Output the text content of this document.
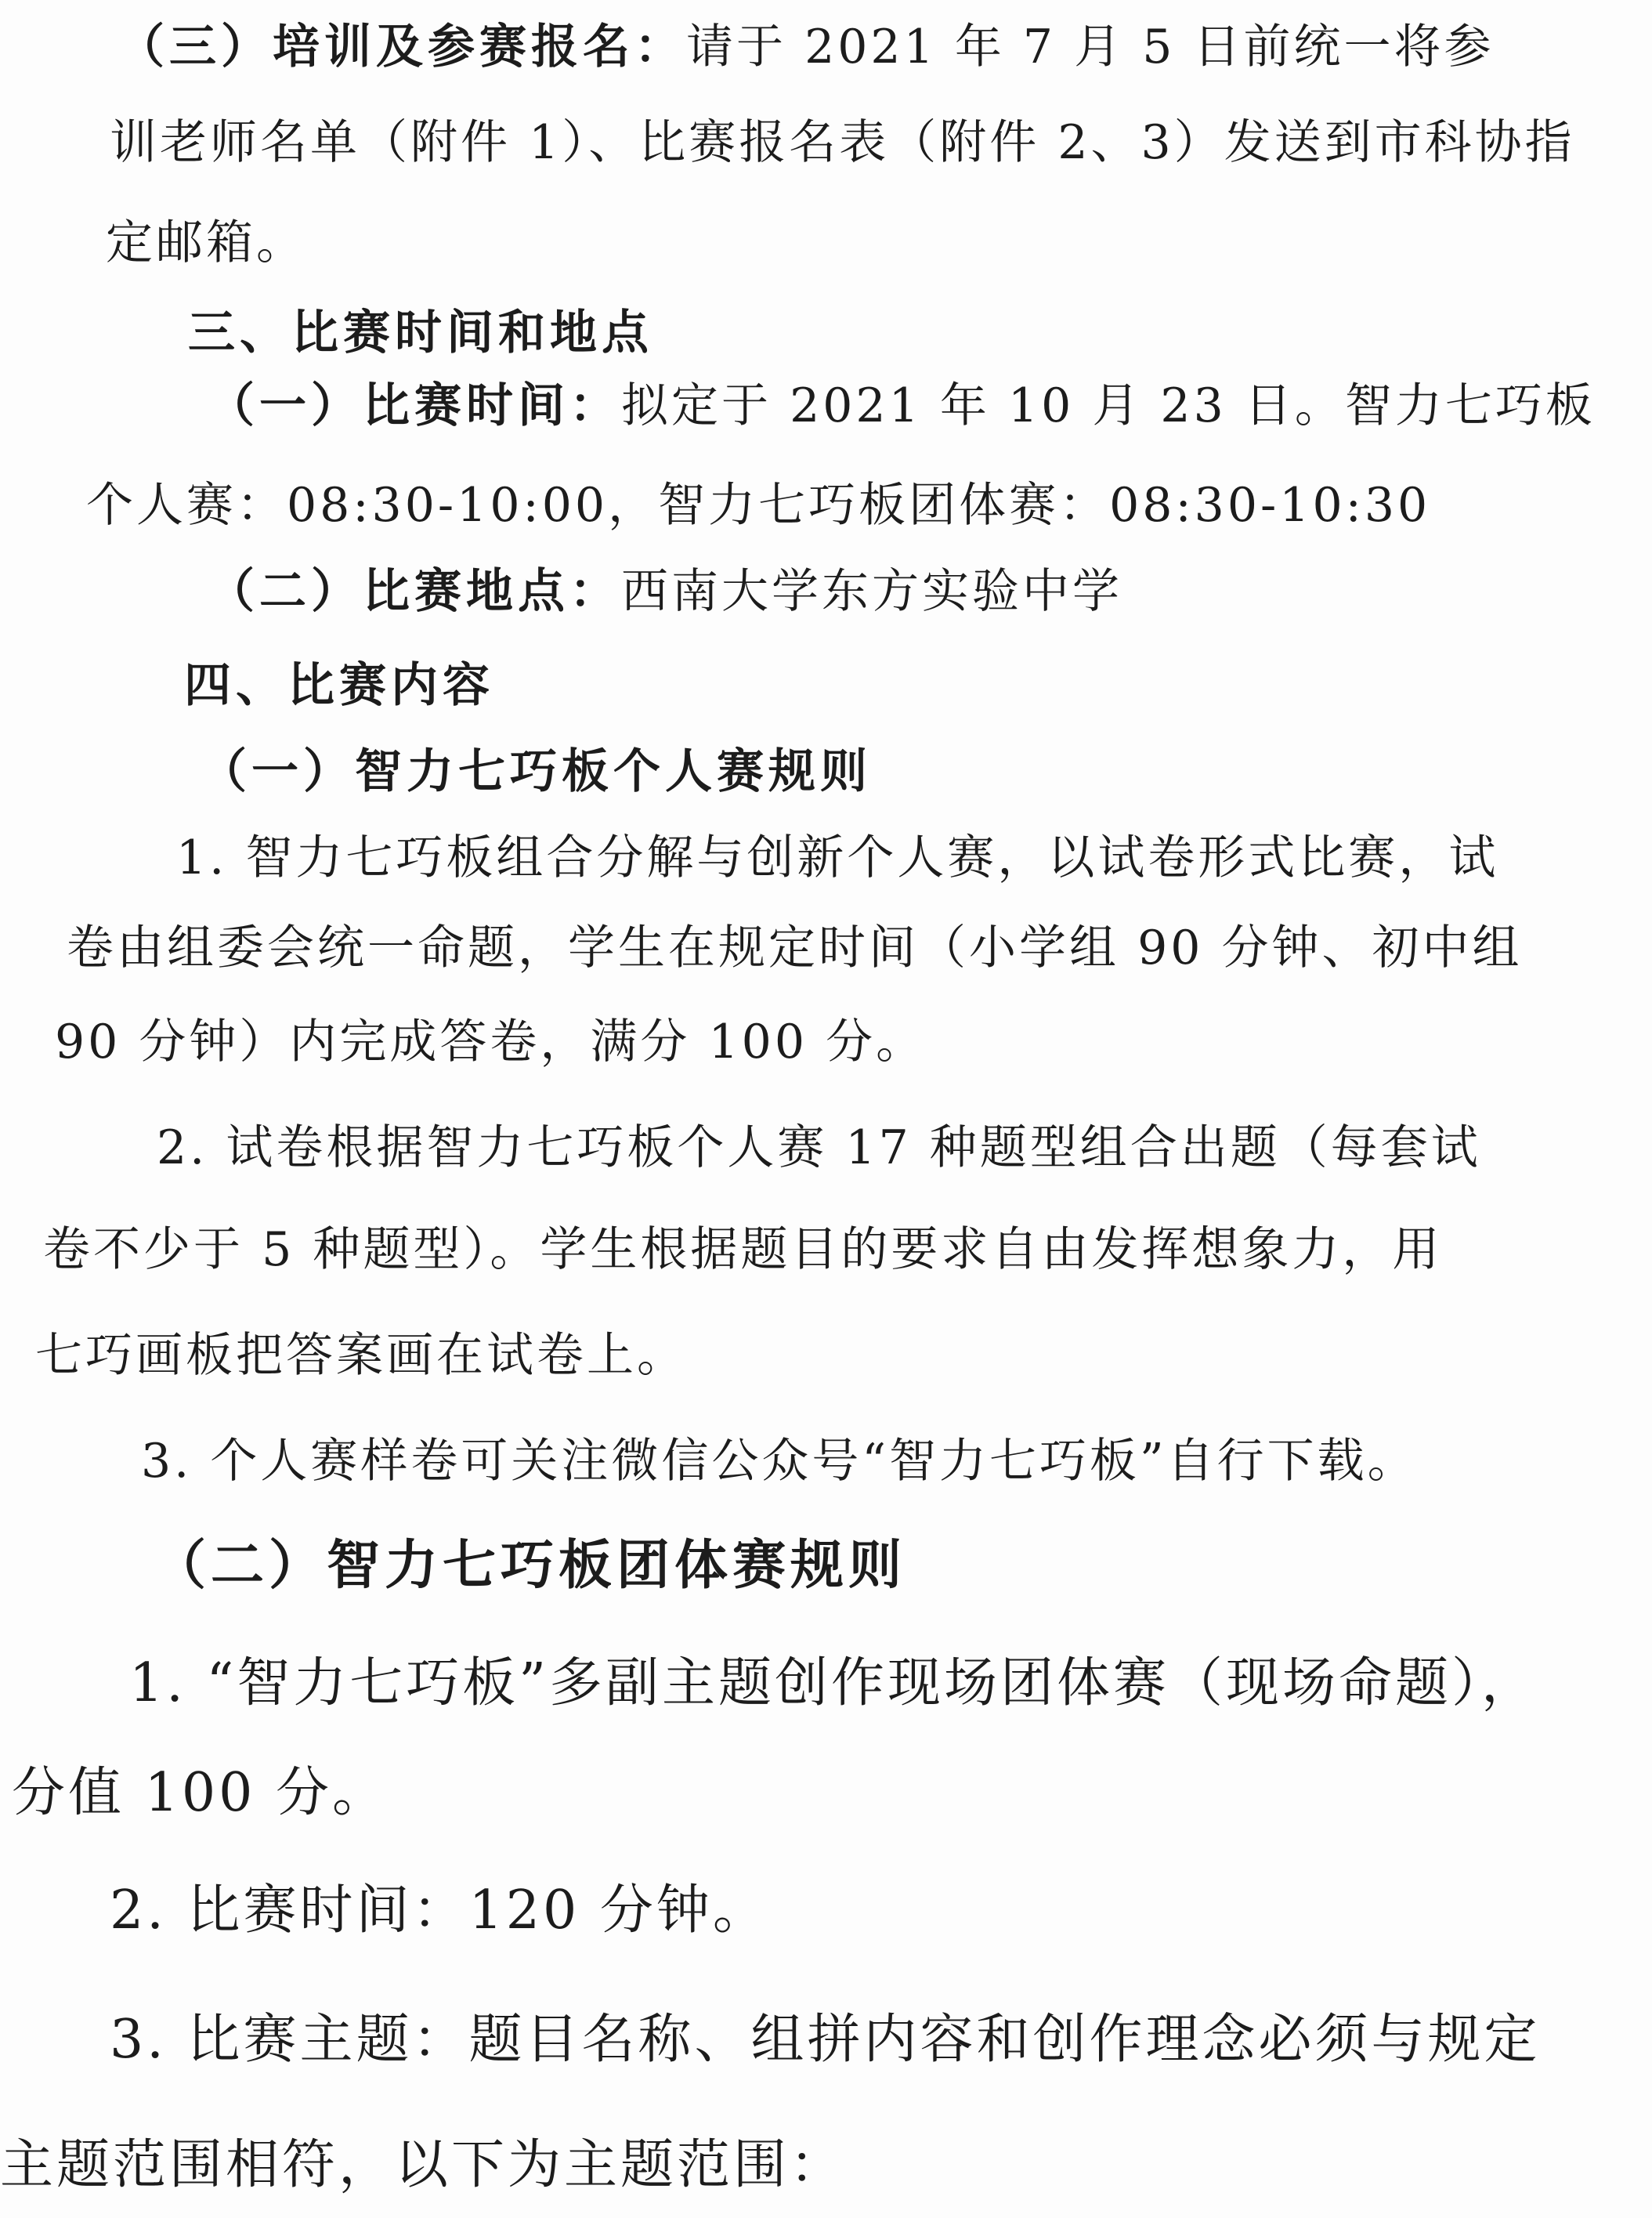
（三）培训及参赛报名：请于 2021 年 7 月 5 日前统一将参
训老师名单（附件 1）、比赛报名表（附件 2、3）发送到市科协指
定邮箱。
三、比赛时间和地点
（一）比赛时间：拟定于 2021 年 10 月 23 日。智力七巧板
个人赛：08:30-10:00，智力七巧板团体赛：08:30-10:30
（二）比赛地点：西南大学东方实验中学
四、比赛内容
（一）智力七巧板个人赛规则
1. 智力七巧板组合分解与创新个人赛，以试卷形式比赛，试
卷由组委会统一命题，学生在规定时间（小学组 90 分钟、初中组
90 分钟）内完成答卷，满分 100 分。
2. 试卷根据智力七巧板个人赛 17 种题型组合出题（每套试
卷不少于 5 种题型）。学生根据题目的要求自由发挥想象力，用
七巧画板把答案画在试卷上。
3. 个人赛样卷可关注微信公众号“智力七巧板”自行下载。
（二）智力七巧板团体赛规则
1. “智力七巧板”多副主题创作现场团体赛（现场命题），
分值 100 分。
2. 比赛时间：120 分钟。
3. 比赛主题：题目名称、组拼内容和创作理念必须与规定
主题范围相符，以下为主题范围：
